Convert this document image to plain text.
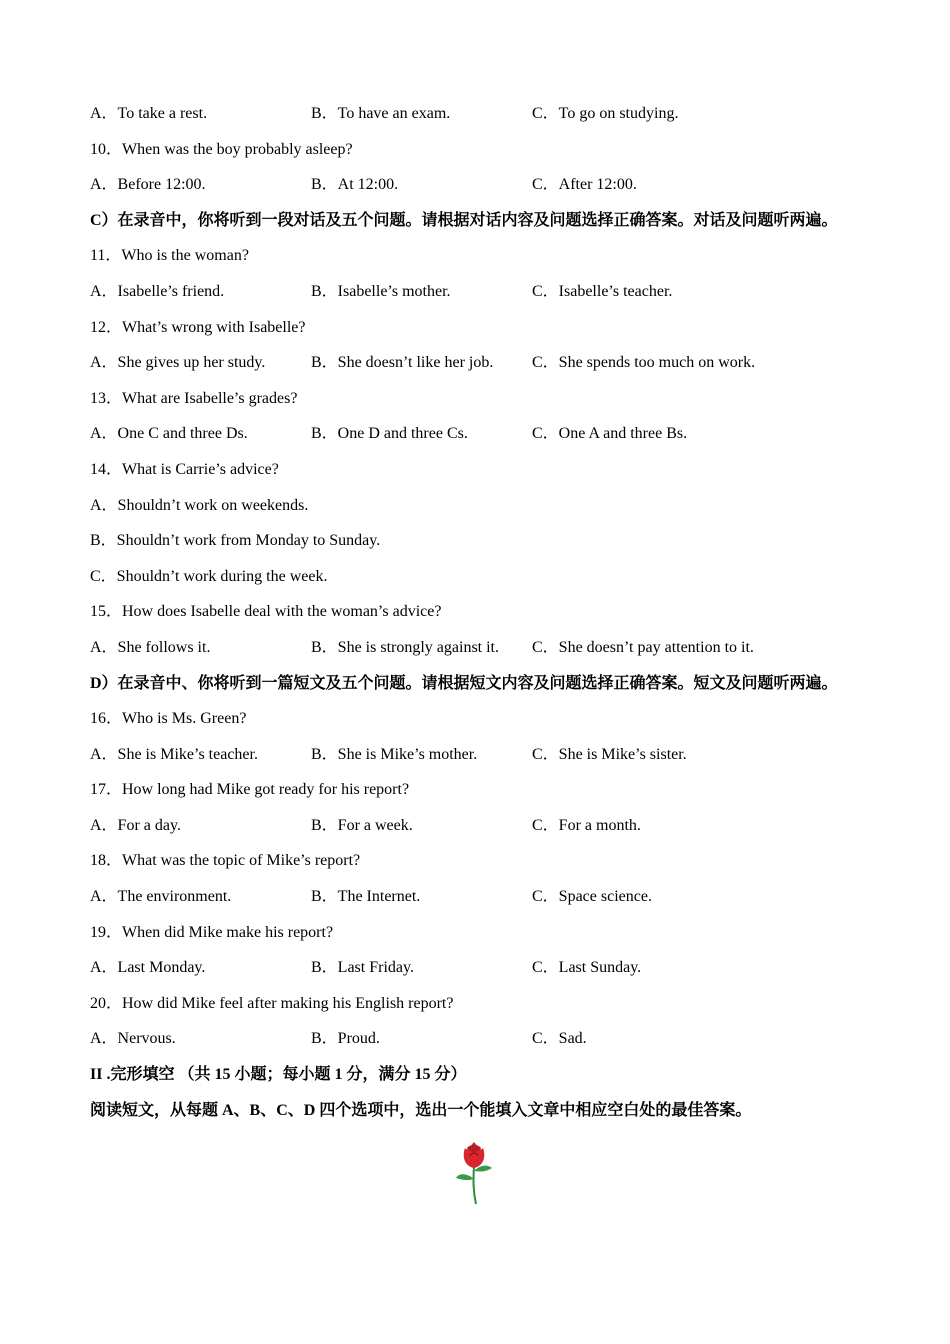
A．To take a rest.	B．To have an exam.	C．To go on studying.
10．When was the boy probably asleep?
A．Before 12:00.	B．At 12:00.	C．After 12:00.
C）在录音中，你将听到一段对话及五个问题。请根据对话内容及问题选择正确答案。对话及问题听两遍。
11．Who is the woman?
A．Isabelle’s friend.	B．Isabelle’s mother.	C．Isabelle’s teacher.
12．What’s wrong with Isabelle?
A．She gives up her study.	B．She doesn’t like her job. C．She spends too much on work.
13．What are Isabelle’s grades?
A．One C and three Ds.	B．One D and three Cs.	C．One A and three Bs.
14．What is Carrie’s advice?
A．Shouldn’t work on weekends.
B．Shouldn’t work from Monday to Sunday.
C．Shouldn’t work during the week.
15．How does Isabelle deal with the woman’s advice?
A．She follows it.	B．She is strongly against it. C．She doesn’t pay attention to it.
D）在录音中、你将听到一篇短文及五个问题。请根据短文内容及问题选择正确答案。短文及问题听两遍。
16．Who is Ms. Green?
A．She is Mike’s teacher.	B．She is Mike’s mother.	C．She is Mike’s sister.
17．How long had Mike got ready for his report?
A．For a day.	B．For a week.	C．For a month.
18．What was the topic of Mike’s report?
A．The environment.	B．The Internet.	C．Space science.
19．When did Mike make his report?
A．Last Monday.	B．Last Friday.	C．Last Sunday.
20．How did Mike feel after making his English report?
A．Nervous.	B．Proud.	C．Sad.
II .完形填空 （共 15 小题；每小题 1 分，满分 15 分）
阅读短文，从每题 A、B、C、D 四个选项中，选出一个能填入文章中相应空白处的最佳答案。
